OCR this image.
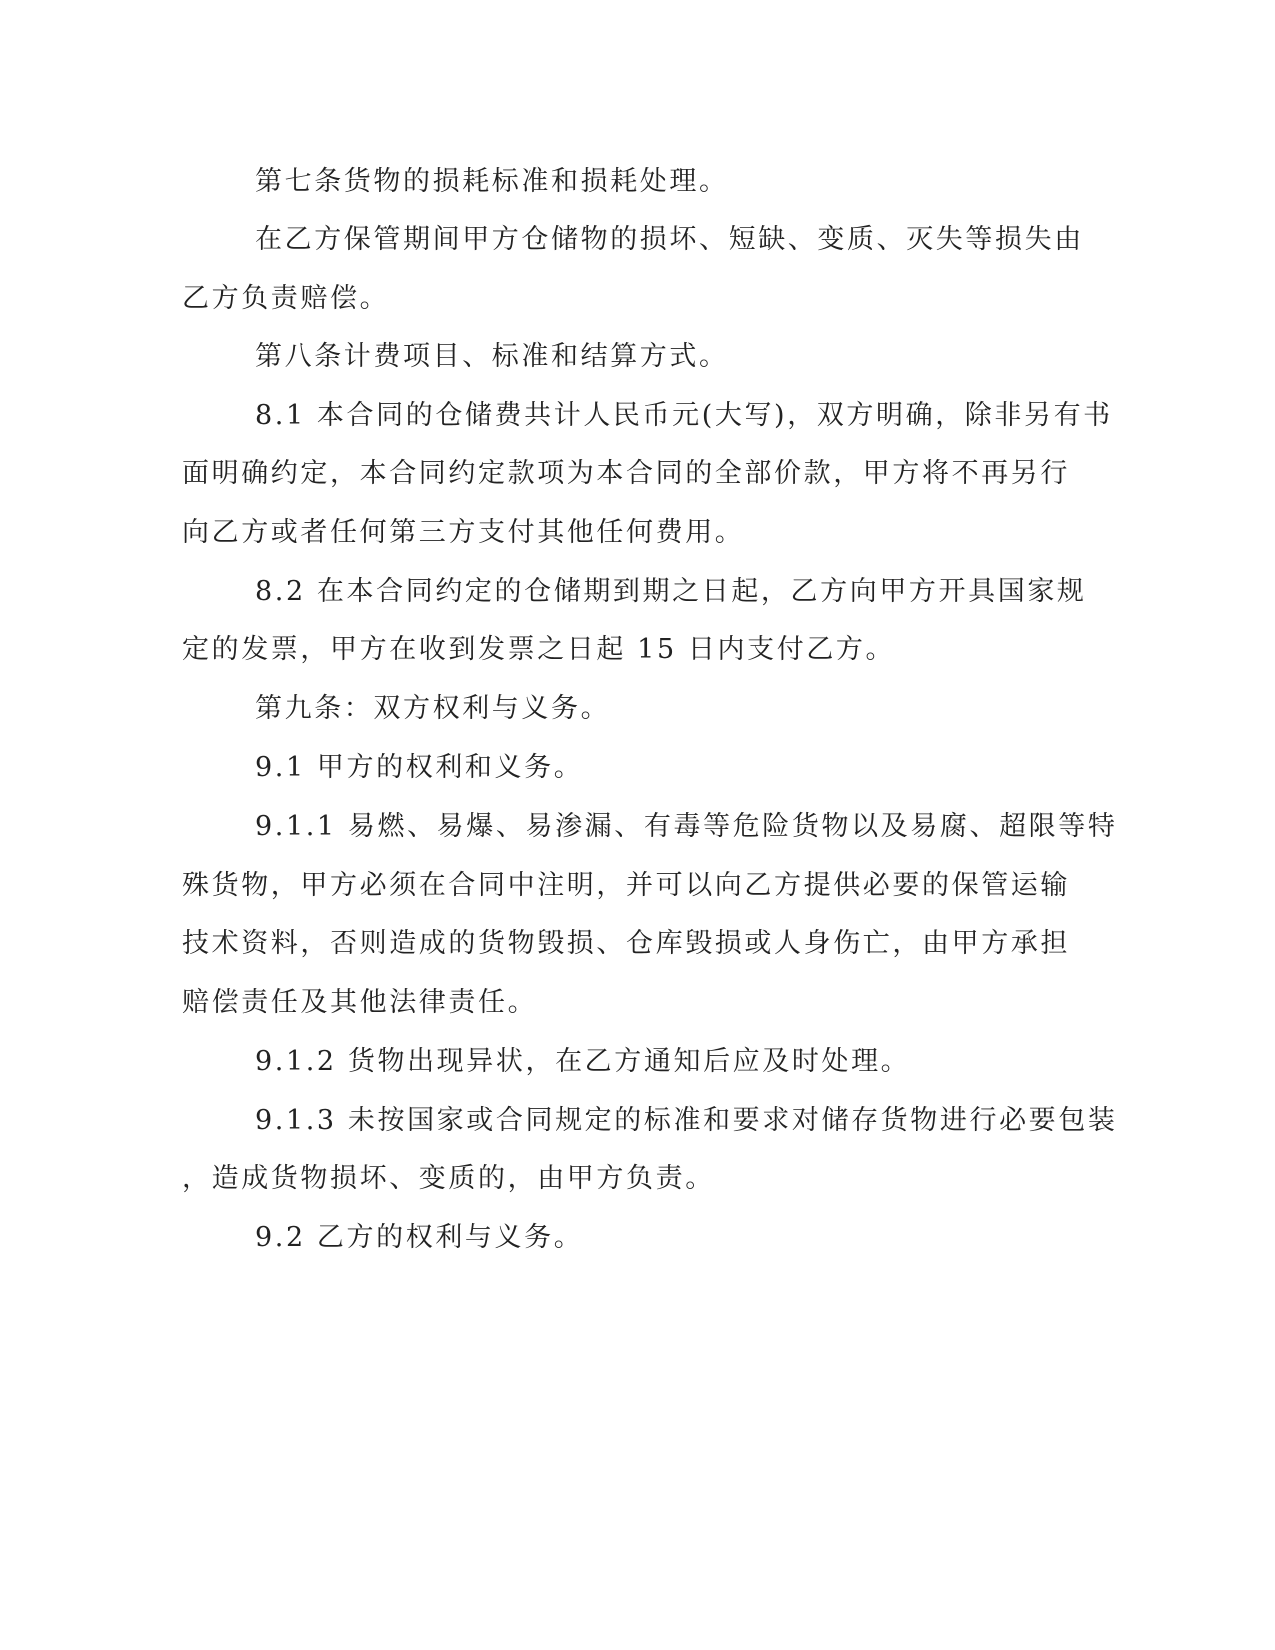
第七条货物的损耗标准和损耗处理。
在乙方保管期间甲方仓储物的损坏、短缺、变质、灭失等损失由
乙方负责赔偿。
第八条计费项目、标准和结算方式。
8.1 本合同的仓储费共计人民币元(大写)，双方明确，除非另有书
面明确约定，本合同约定款项为本合同的全部价款，甲方将不再另行
向乙方或者任何第三方支付其他任何费用。
8.2 在本合同约定的仓储期到期之日起，乙方向甲方开具国家规
定的发票，甲方在收到发票之日起 15 日内支付乙方。
第九条：双方权利与义务。
9.1 甲方的权利和义务。
9.1.1 易燃、易爆、易渗漏、有毒等危险货物以及易腐、超限等特
殊货物，甲方必须在合同中注明，并可以向乙方提供必要的保管运输
技术资料，否则造成的货物毁损、仓库毁损或人身伤亡，由甲方承担
赔偿责任及其他法律责任。
9.1.2 货物出现异状，在乙方通知后应及时处理。
9.1.3 未按国家或合同规定的标准和要求对储存货物进行必要包装
，造成货物损坏、变质的，由甲方负责。
9.2 乙方的权利与义务。
